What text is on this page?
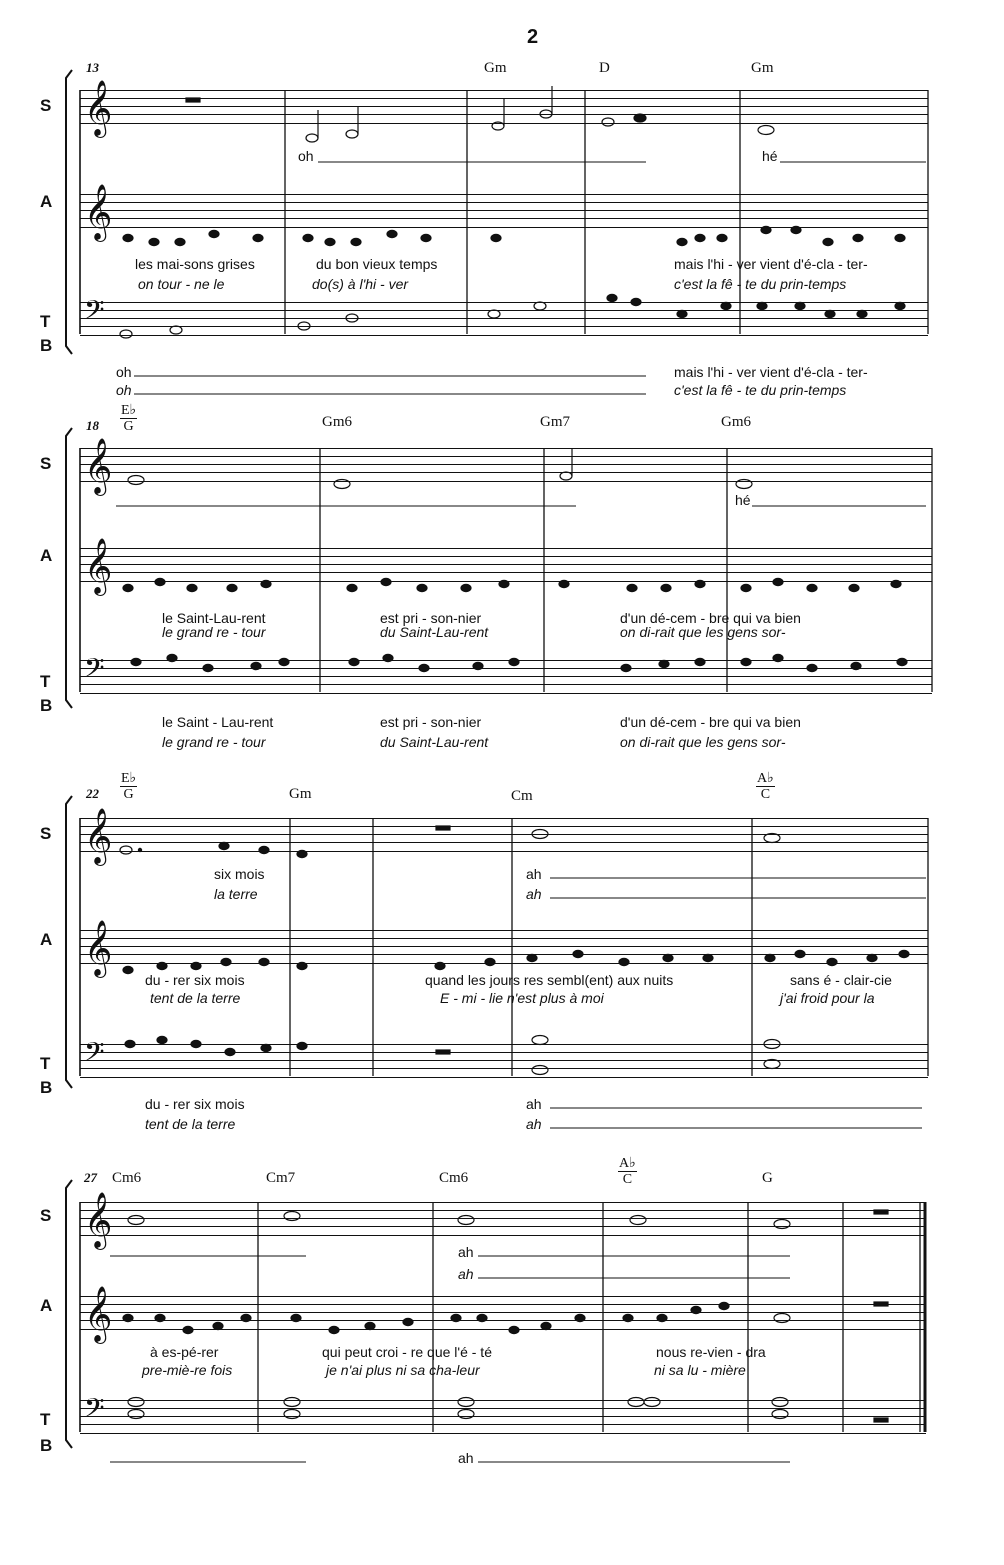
2
13	Gm	D	Gm
S
A
T
B
oh	hé
les mai-sons grises	du bon vieux temps	mais l'hi - ver vient d'é-cla - ter-
on tour - ne le	do(s) à l'hi - ver	c'est la fê - te du prin-temps
oh	mais l'hi - ver vient d'é-cla - ter-
oh	c'est la fê - te du prin-temps
$18 \frac{E♭}{G}$	Gm6	Gm7	Gm6
S
A
T
B
hé
le Saint-Lau-rent	est pri - son-nier	d'un dé-cem - bre qui va bien
le grand re - tour	du Saint-Lau-rent	on di-rait que les gens sor-
le Saint - Lau-rent	est pri - son-nier	d'un dé-cem - bre qui va bien
le grand re - tour	du Saint-Lau-rent	on di-rait que les gens sor-
$22 \frac{E♭}{G}$	Gm	Cm	$\frac{A♭}{C}$
S
A
T
B
six mois	ah
la terre	ah
du - rer six mois	quand les jours res sembl(ent) aux nuits	sans é - clair-cie
tent de la terre	E - mi - lie n'est plus à moi	j'ai froid pour la
du - rer six mois	ah
tent de la terre	ah
27 Cm6	Cm7	Cm6	$\frac{A♭}{C}$	G
S
A
T
B
ah
ah
à es-pé-rer	qui peut croi - re que l'é - té	nous re-vien - dra
pre-miè-re fois	je n'ai plus ni sa cha-leur	ni sa lu - mière
ah
𝄞
𝄞
𝄢
𝄞
𝄞
𝄢
𝄞
𝄞
𝄢
𝄞
𝄞
𝄢
